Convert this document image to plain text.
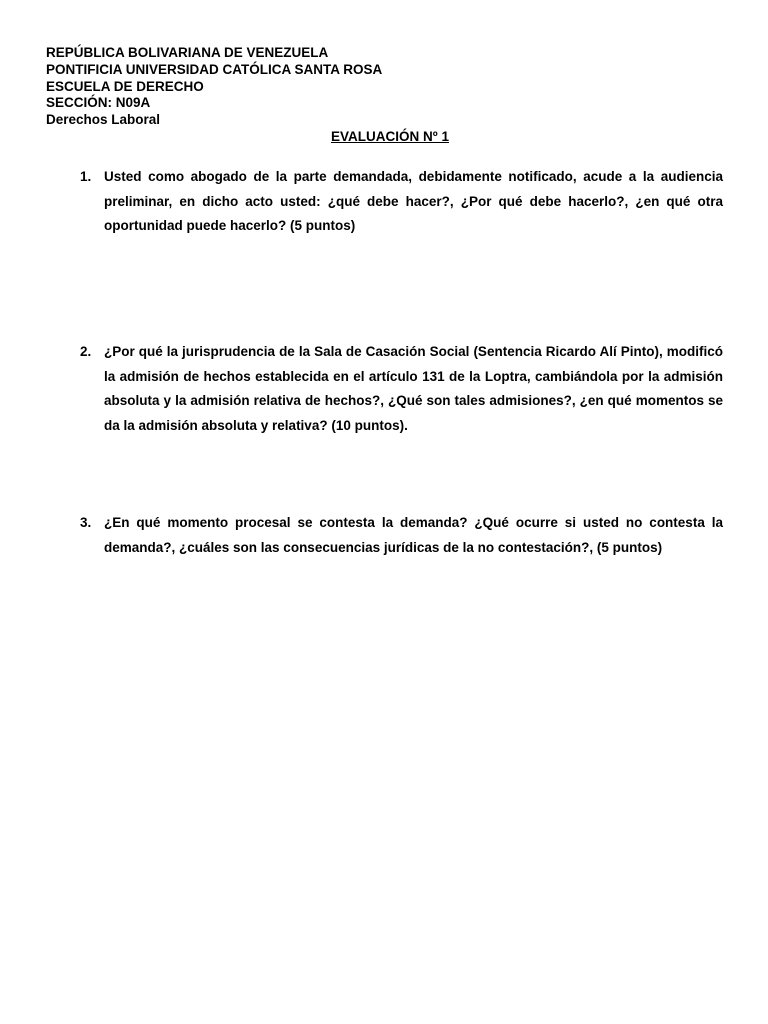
REPÚBLICA BOLIVARIANA DE VENEZUELA
PONTIFICIA UNIVERSIDAD CATÓLICA SANTA ROSA
ESCUELA DE DERECHO
SECCIÓN: N09A
Derechos Laboral
EVALUACIÓN Nº 1
1. Usted como abogado de la parte demandada, debidamente notificado, acude a la audiencia preliminar, en dicho acto usted: ¿qué debe hacer?, ¿Por qué debe hacerlo?, ¿en qué otra oportunidad puede hacerlo? (5 puntos)
2. ¿Por qué la jurisprudencia de la Sala de Casación Social (Sentencia Ricardo Alí Pinto), modificó la admisión de hechos establecida en el artículo 131 de la Loptra, cambiándola por la admisión absoluta y la admisión relativa de hechos?, ¿Qué son tales admisiones?, ¿en qué momentos se da la admisión absoluta y relativa? (10 puntos).
3. ¿En qué momento procesal se contesta la demanda? ¿Qué ocurre si usted no contesta la demanda?, ¿cuáles son las consecuencias jurídicas de la no contestación?, (5 puntos)
